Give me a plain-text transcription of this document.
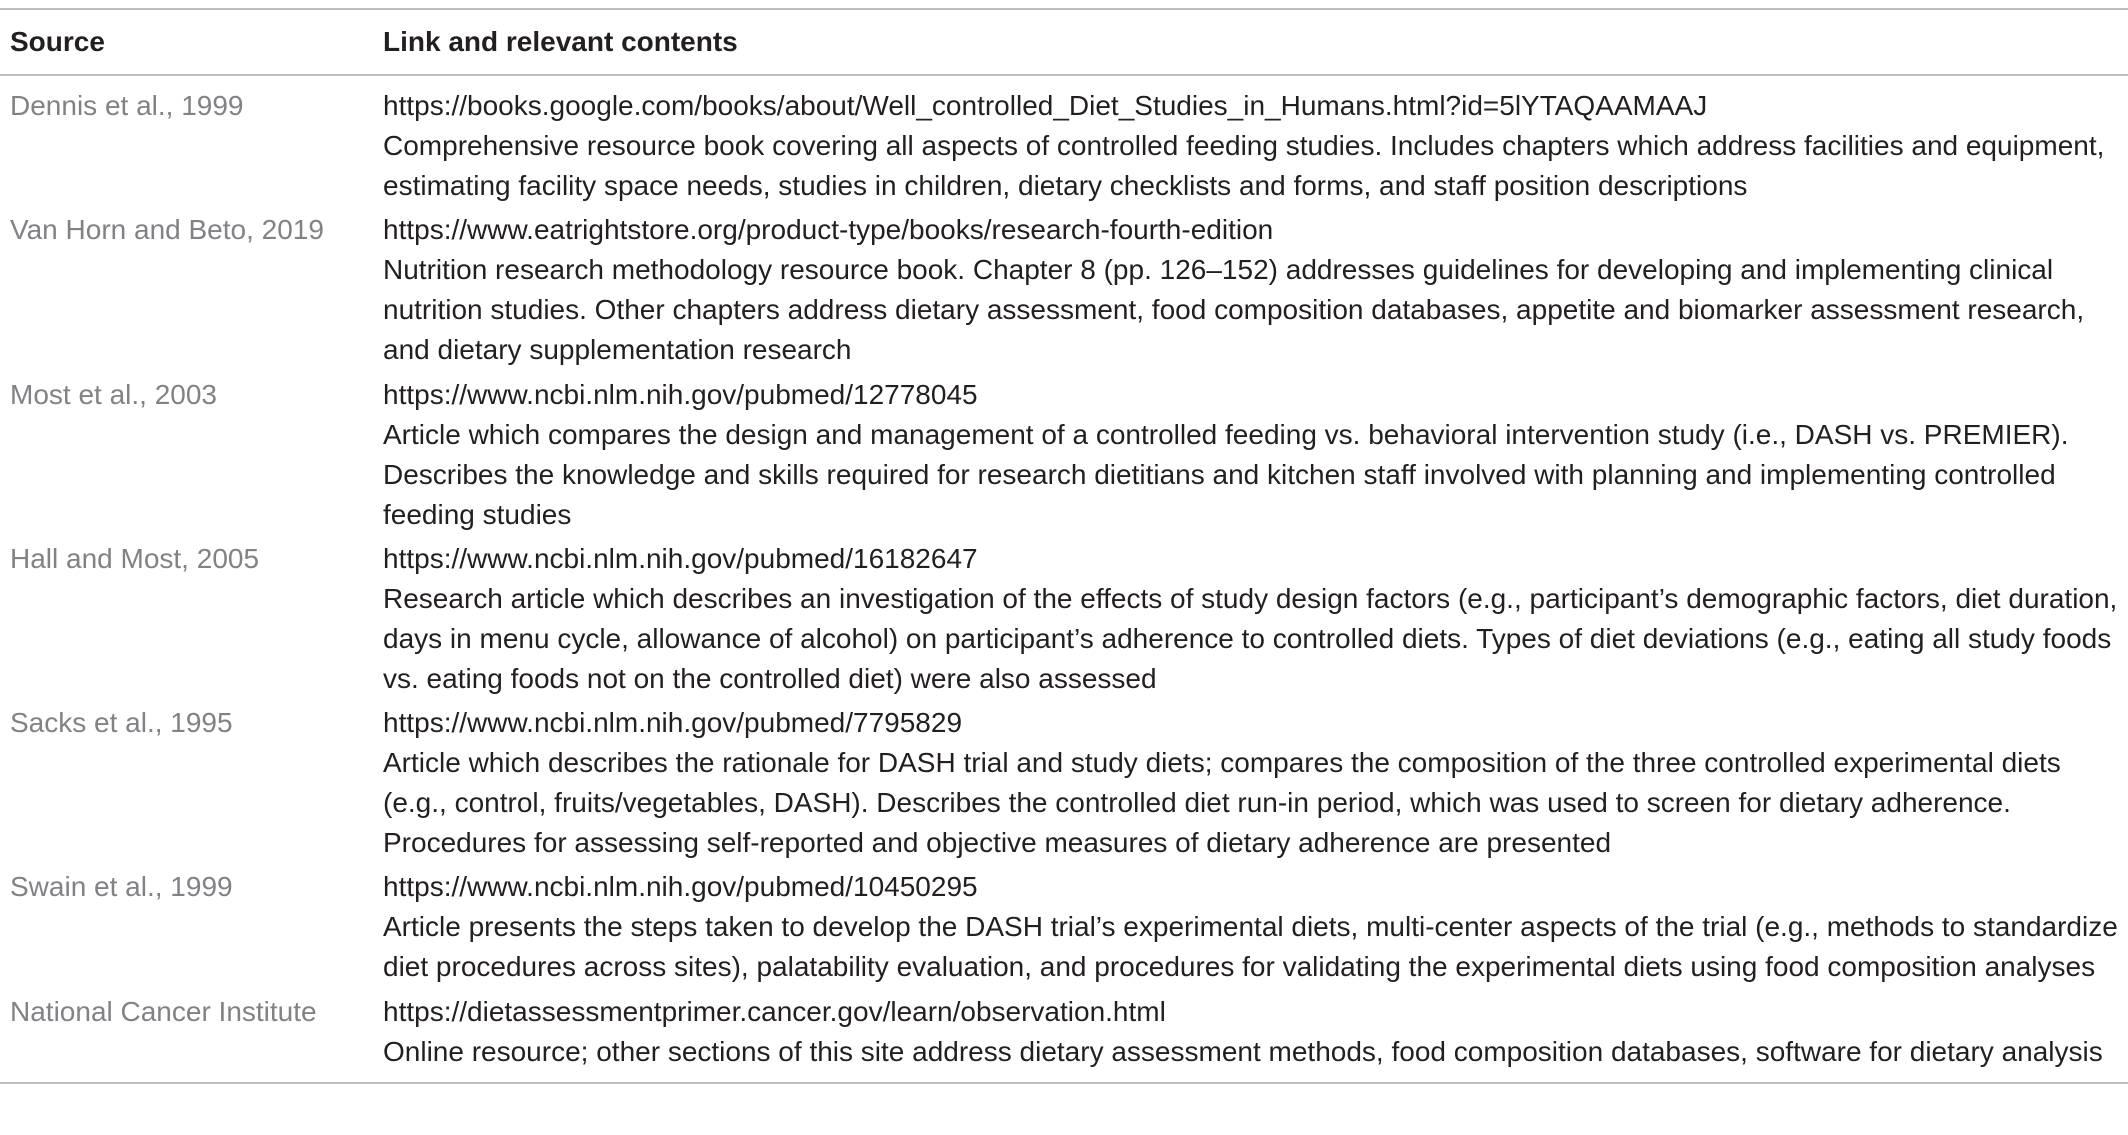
Source	Link and relevant contents
Dennis et al., 1999	https://books.google.com/books/about/Well_controlled_Diet_Studies_in_Humans.html?id=5lYTAQAAMAAJ
Comprehensive resource book covering all aspects of controlled feeding studies. Includes chapters which address facilities and equipment, estimating facility space needs, studies in children, dietary checklists and forms, and staff position descriptions
Van Horn and Beto, 2019	https://www.eatrightstore.org/product-type/books/research-fourth-edition
Nutrition research methodology resource book. Chapter 8 (pp. 126–152) addresses guidelines for developing and implementing clinical nutrition studies. Other chapters address dietary assessment, food composition databases, appetite and biomarker assessment research, and dietary supplementation research
Most et al., 2003	https://www.ncbi.nlm.nih.gov/pubmed/12778045
Article which compares the design and management of a controlled feeding vs. behavioral intervention study (i.e., DASH vs. PREMIER). Describes the knowledge and skills required for research dietitians and kitchen staff involved with planning and implementing controlled feeding studies
Hall and Most, 2005	https://www.ncbi.nlm.nih.gov/pubmed/16182647
Research article which describes an investigation of the effects of study design factors (e.g., participant’s demographic factors, diet duration, days in menu cycle, allowance of alcohol) on participant’s adherence to controlled diets. Types of diet deviations (e.g., eating all study foods vs. eating foods not on the controlled diet) were also assessed
Sacks et al., 1995	https://www.ncbi.nlm.nih.gov/pubmed/7795829
Article which describes the rationale for DASH trial and study diets; compares the composition of the three controlled experimental diets (e.g., control, fruits/vegetables, DASH). Describes the controlled diet run-in period, which was used to screen for dietary adherence. Procedures for assessing self-reported and objective measures of dietary adherence are presented
Swain et al., 1999	https://www.ncbi.nlm.nih.gov/pubmed/10450295
Article presents the steps taken to develop the DASH trial’s experimental diets, multi-center aspects of the trial (e.g., methods to standardize diet procedures across sites), palatability evaluation, and procedures for validating the experimental diets using food composition analyses
National Cancer Institute	https://dietassessmentprimer.cancer.gov/learn/observation.html
Online resource; other sections of this site address dietary assessment methods, food composition databases, software for dietary analysis
